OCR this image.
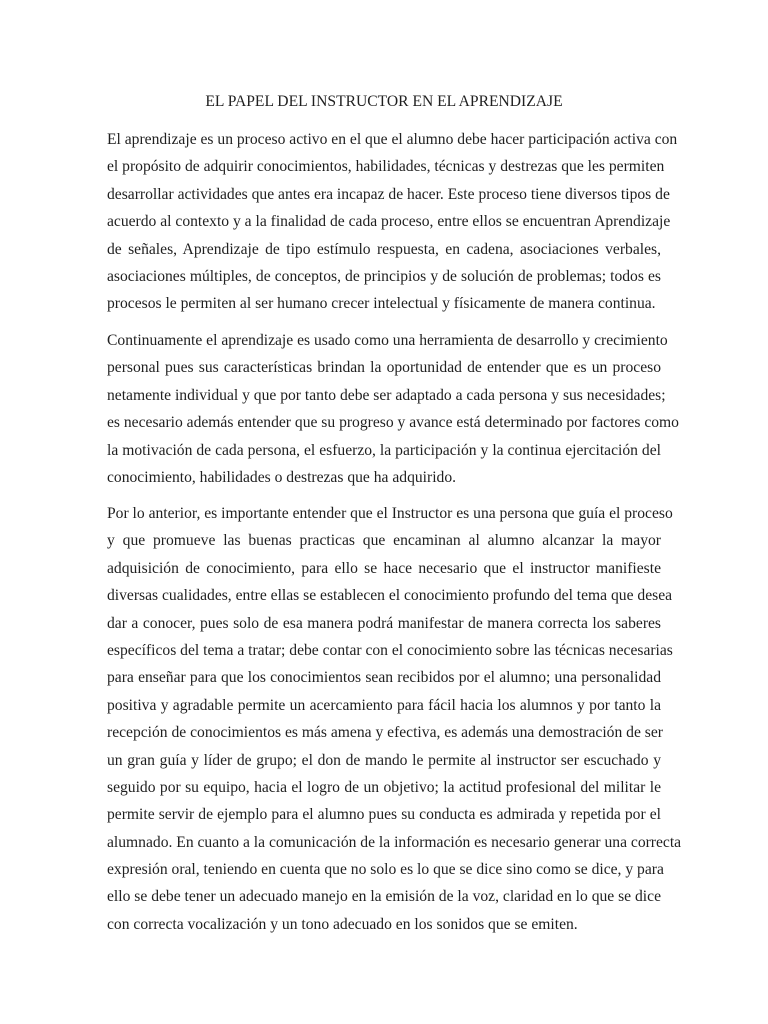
EL PAPEL DEL INSTRUCTOR EN EL APRENDIZAJE
El aprendizaje es un proceso activo en el que el alumno debe hacer participación activa con
el propósito de adquirir conocimientos, habilidades, técnicas y destrezas que les permiten
desarrollar actividades que antes era incapaz de hacer. Este proceso tiene diversos tipos de
acuerdo al contexto y a la finalidad de cada proceso, entre ellos se encuentran Aprendizaje
de señales, Aprendizaje de tipo estímulo respuesta, en cadena, asociaciones verbales,
asociaciones múltiples, de conceptos, de principios y de solución de problemas; todos es
procesos le permiten al ser humano crecer intelectual y físicamente de manera continua.
Continuamente el aprendizaje es usado como una herramienta de desarrollo y crecimiento
personal pues sus características brindan la oportunidad de entender que es un proceso
netamente individual y que por tanto debe ser adaptado a cada persona y sus necesidades;
es necesario además entender que su progreso y avance está determinado por factores como
la motivación de cada persona, el esfuerzo, la participación y la continua ejercitación del
conocimiento, habilidades o destrezas que ha adquirido.
Por lo anterior, es importante entender que el Instructor es una persona que guía el proceso
y que promueve las buenas practicas que encaminan al alumno alcanzar la mayor
adquisición de conocimiento, para ello se hace necesario que el instructor manifieste
diversas cualidades, entre ellas se establecen el conocimiento profundo del tema que desea
dar a conocer, pues solo de esa manera podrá manifestar de manera correcta los saberes
específicos del tema a tratar; debe contar con el conocimiento sobre las técnicas necesarias
para enseñar para que los conocimientos sean recibidos por el alumno; una personalidad
positiva y agradable permite un acercamiento para fácil hacia los alumnos y por tanto la
recepción de conocimientos es más amena y efectiva, es además una demostración de ser
un gran guía y líder de grupo; el don de mando le permite al instructor ser escuchado y
seguido por su equipo, hacia el logro de un objetivo; la actitud profesional del militar le
permite servir de ejemplo para el alumno pues su conducta es admirada y repetida por el
alumnado. En cuanto a la comunicación de la información es necesario generar una correcta
expresión oral, teniendo en cuenta que no solo es lo que se dice sino como se dice, y para
ello se debe tener un adecuado manejo en la emisión de la voz, claridad en lo que se dice
con correcta vocalización y un tono adecuado en los sonidos que se emiten.
